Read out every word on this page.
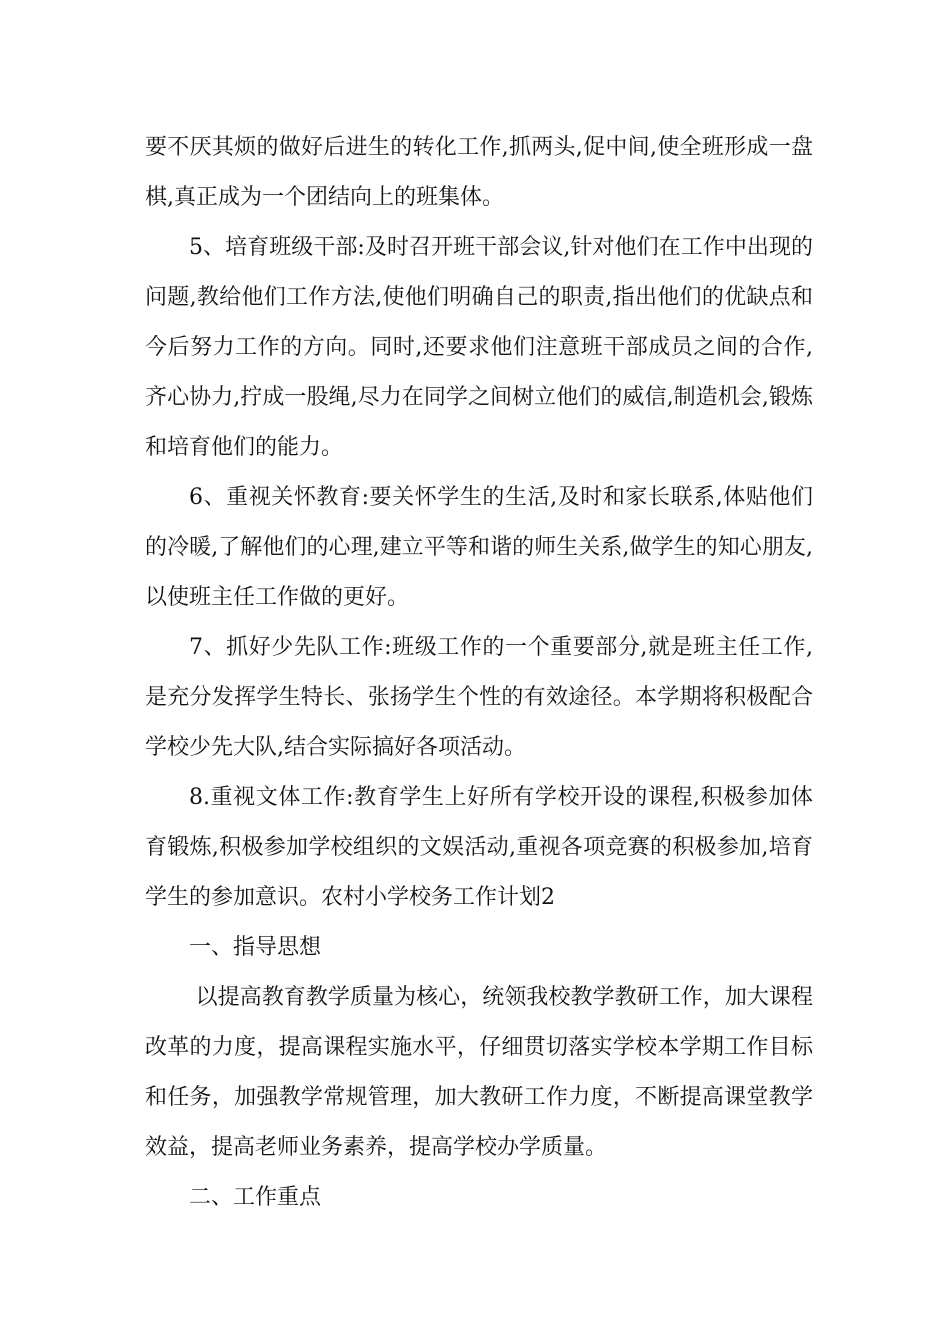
要不厌其烦的做好后进生的转化工作,抓两头,促中间,使全班形成一盘棋,真正成为一个团结向上的班集体。

5、培育班级干部:及时召开班干部会议,针对他们在工作中出现的问题,教给他们工作方法,使他们明确自己的职责,指出他们的优缺点和今后努力工作的方向。同时,还要求他们注意班干部成员之间的合作,齐心协力,拧成一股绳,尽力在同学之间树立他们的威信,制造机会,锻炼和培育他们的能力。

6、重视关怀教育:要关怀学生的生活,及时和家长联系,体贴他们的冷暖,了解他们的心理,建立平等和谐的师生关系,做学生的知心朋友,以使班主任工作做的更好。

7、抓好少先队工作:班级工作的一个重要部分,就是班主任工作,是充分发挥学生特长、张扬学生个性的有效途径。本学期将积极配合学校少先大队,结合实际搞好各项活动。

8.重视文体工作:教育学生上好所有学校开设的课程,积极参加体育锻炼,积极参加学校组织的文娱活动,重视各项竞赛的积极参加,培育学生的参加意识。农村小学校务工作计划2

一、指导思想

以提高教育教学质量为核心，统领我校教学教研工作，加大课程改革的力度，提高课程实施水平，仔细贯切落实学校本学期工作目标和任务，加强教学常规管理，加大教研工作力度，不断提高课堂教学效益，提高老师业务素养，提高学校办学质量。

二、工作重点
